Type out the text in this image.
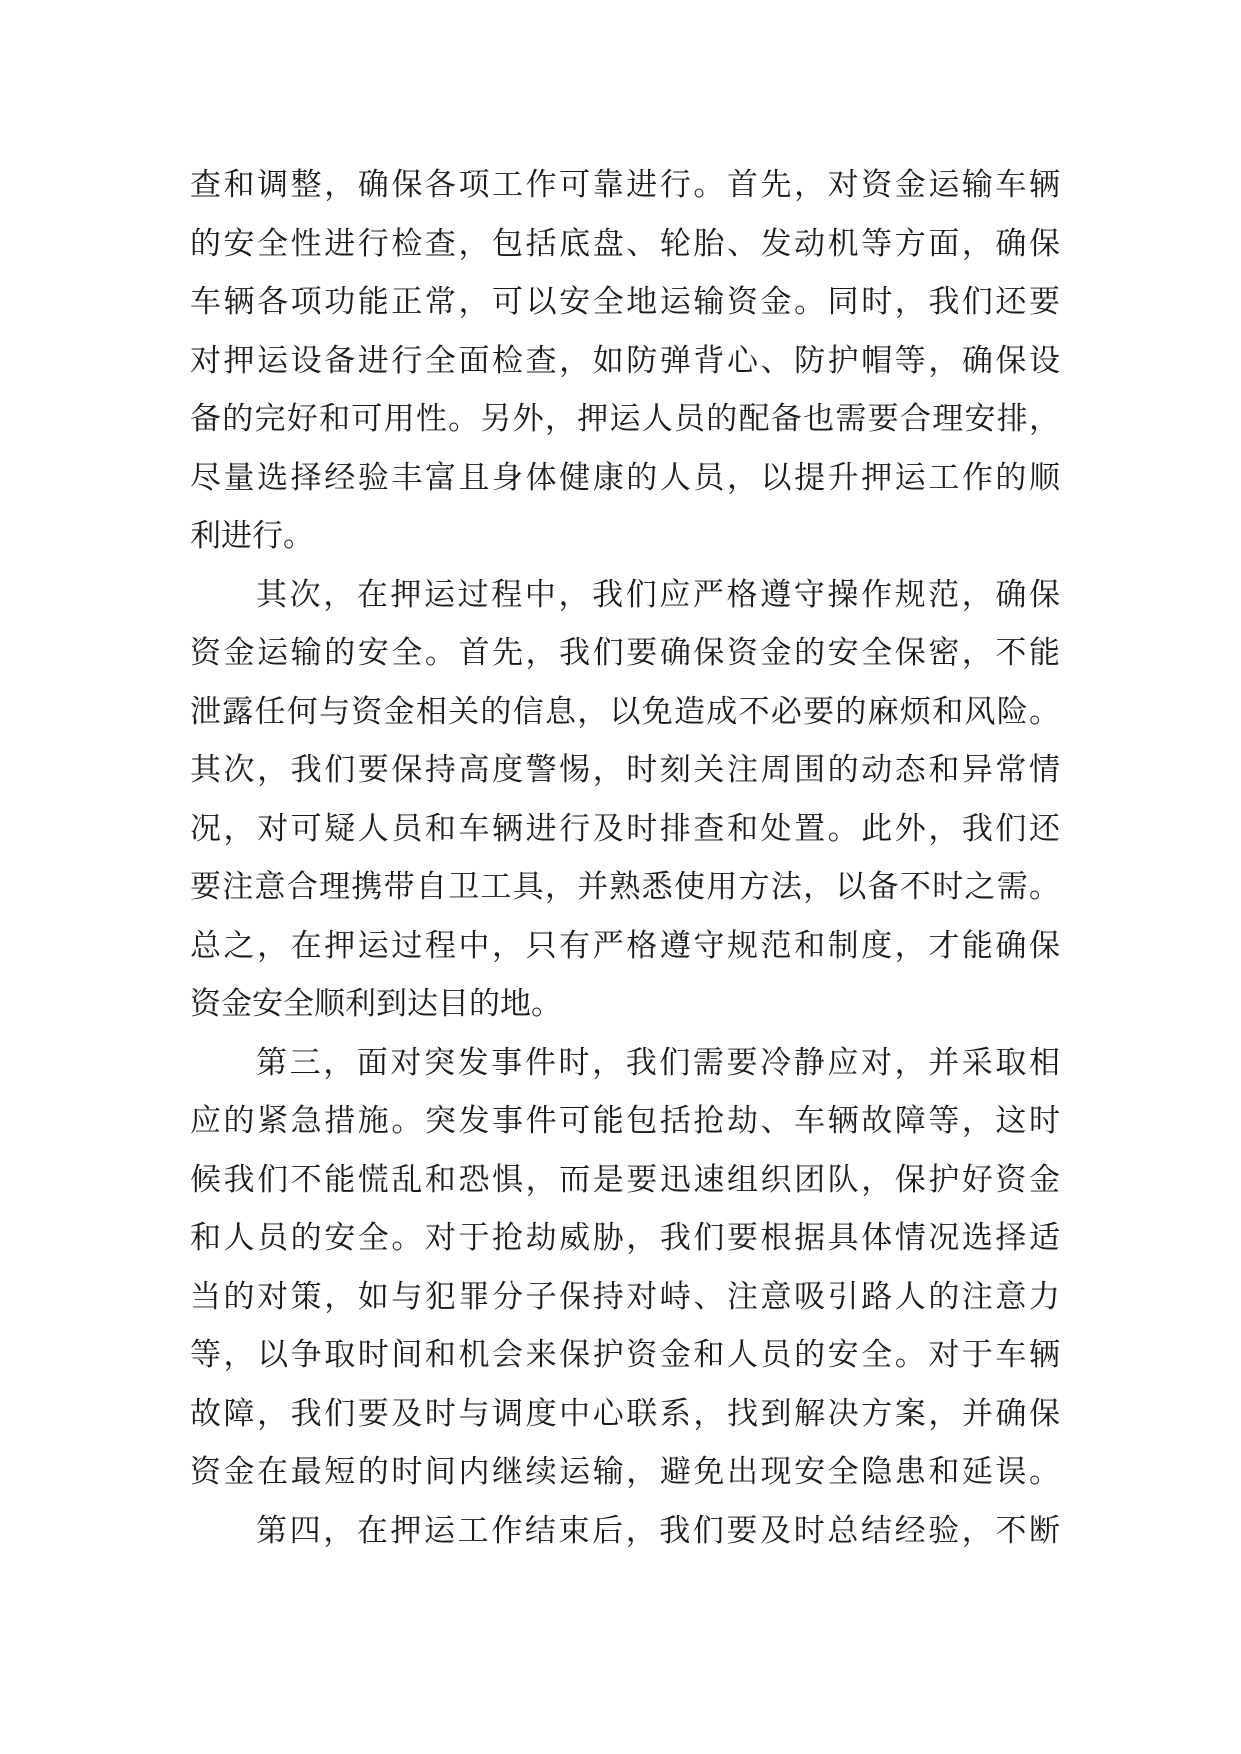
查和调整，确保各项工作可靠进行。首先，对资金运输车辆
的安全性进行检查，包括底盘、轮胎、发动机等方面，确保
车辆各项功能正常，可以安全地运输资金。同时，我们还要
对押运设备进行全面检查，如防弹背心、防护帽等，确保设
备的完好和可用性。另外，押运人员的配备也需要合理安排，
尽量选择经验丰富且身体健康的人员，以提升押运工作的顺
利进行。
其次，在押运过程中，我们应严格遵守操作规范，确保
资金运输的安全。首先，我们要确保资金的安全保密，不能
泄露任何与资金相关的信息，以免造成不必要的麻烦和风险。
其次，我们要保持高度警惕，时刻关注周围的动态和异常情
况，对可疑人员和车辆进行及时排查和处置。此外，我们还
要注意合理携带自卫工具，并熟悉使用方法，以备不时之需。
总之，在押运过程中，只有严格遵守规范和制度，才能确保
资金安全顺利到达目的地。
第三，面对突发事件时，我们需要冷静应对，并采取相
应的紧急措施。突发事件可能包括抢劫、车辆故障等，这时
候我们不能慌乱和恐惧，而是要迅速组织团队，保护好资金
和人员的安全。对于抢劫威胁，我们要根据具体情况选择适
当的对策，如与犯罪分子保持对峙、注意吸引路人的注意力
等，以争取时间和机会来保护资金和人员的安全。对于车辆
故障，我们要及时与调度中心联系，找到解决方案，并确保
资金在最短的时间内继续运输，避免出现安全隐患和延误。
第四，在押运工作结束后，我们要及时总结经验，不断
